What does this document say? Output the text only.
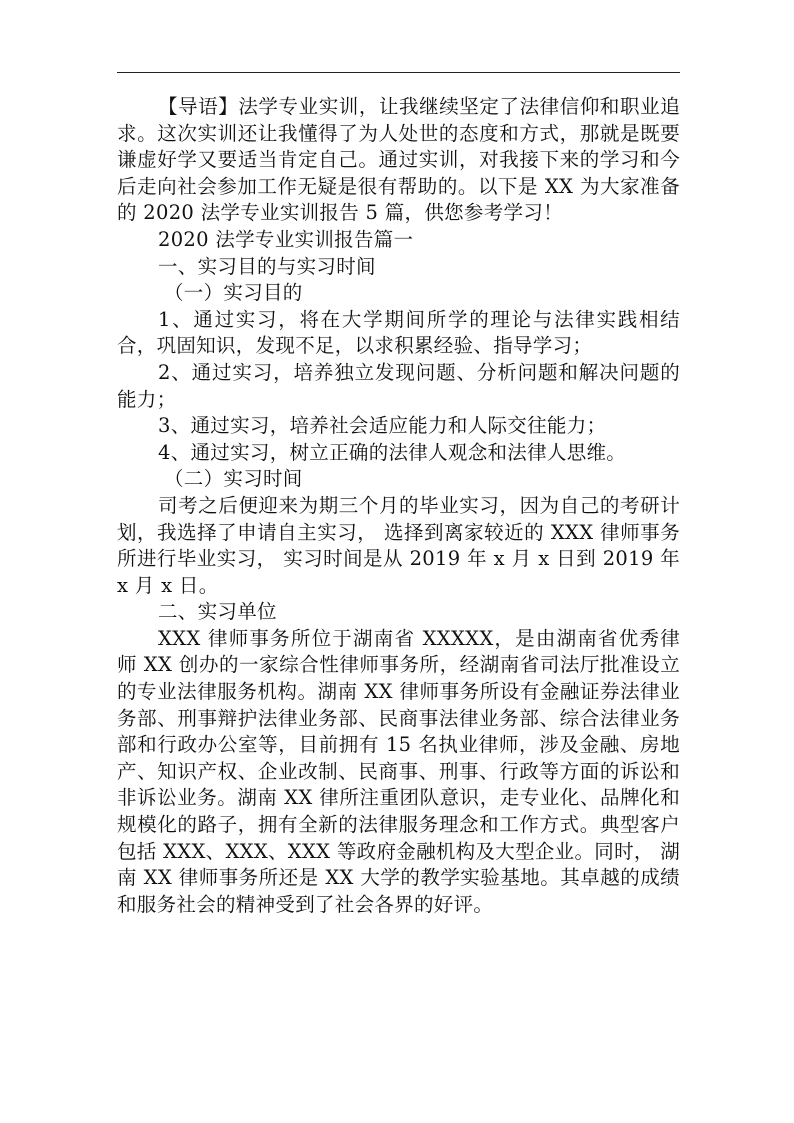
【导语】法学专业实训，让我继续坚定了法律信仰和职业追求。这次实训还让我懂得了为人处世的态度和方式，那就是既要谦虚好学又要适当肯定自己。通过实训，对我接下来的学习和今后走向社会参加工作无疑是很有帮助的。以下是 XX 为大家准备的 2020 法学专业实训报告 5 篇，供您参考学习！

2020 法学专业实训报告篇一

一、实习目的与实习时间

（一）实习目的

1、通过实习，将在大学期间所学的理论与法律实践相结合，巩固知识，发现不足，以求积累经验、指导学习；

2、通过实习，培养独立发现问题、分析问题和解决问题的能力；

3、通过实习，培养社会适应能力和人际交往能力；

4、通过实习，树立正确的法律人观念和法律人思维。

（二）实习时间

司考之后便迎来为期三个月的毕业实习，因为自己的考研计划，我选择了申请自主实习， 选择到离家较近的 XXX 律师事务所进行毕业实习， 实习时间是从 2019 年 x 月 x 日到 2019 年 x 月 x 日。

二、实习单位

XXX 律师事务所位于湖南省 XXXXX，是由湖南省优秀律师 XX 创办的一家综合性律师事务所，经湖南省司法厅批准设立的专业法律服务机构。湖南 XX 律师事务所设有金融证券法律业务部、刑事辩护法律业务部、民商事法律业务部、综合法律业务部和行政办公室等，目前拥有 15 名执业律师，涉及金融、房地产、知识产权、企业改制、民商事、刑事、行政等方面的诉讼和非诉讼业务。湖南 XX 律所注重团队意识，走专业化、品牌化和规模化的路子，拥有全新的法律服务理念和工作方式。典型客户包括 XXX、XXX、XXX 等政府金融机构及大型企业。同时， 湖南 XX 律师事务所还是 XX 大学的教学实验基地。其卓越的成绩和服务社会的精神受到了社会各界的好评。
